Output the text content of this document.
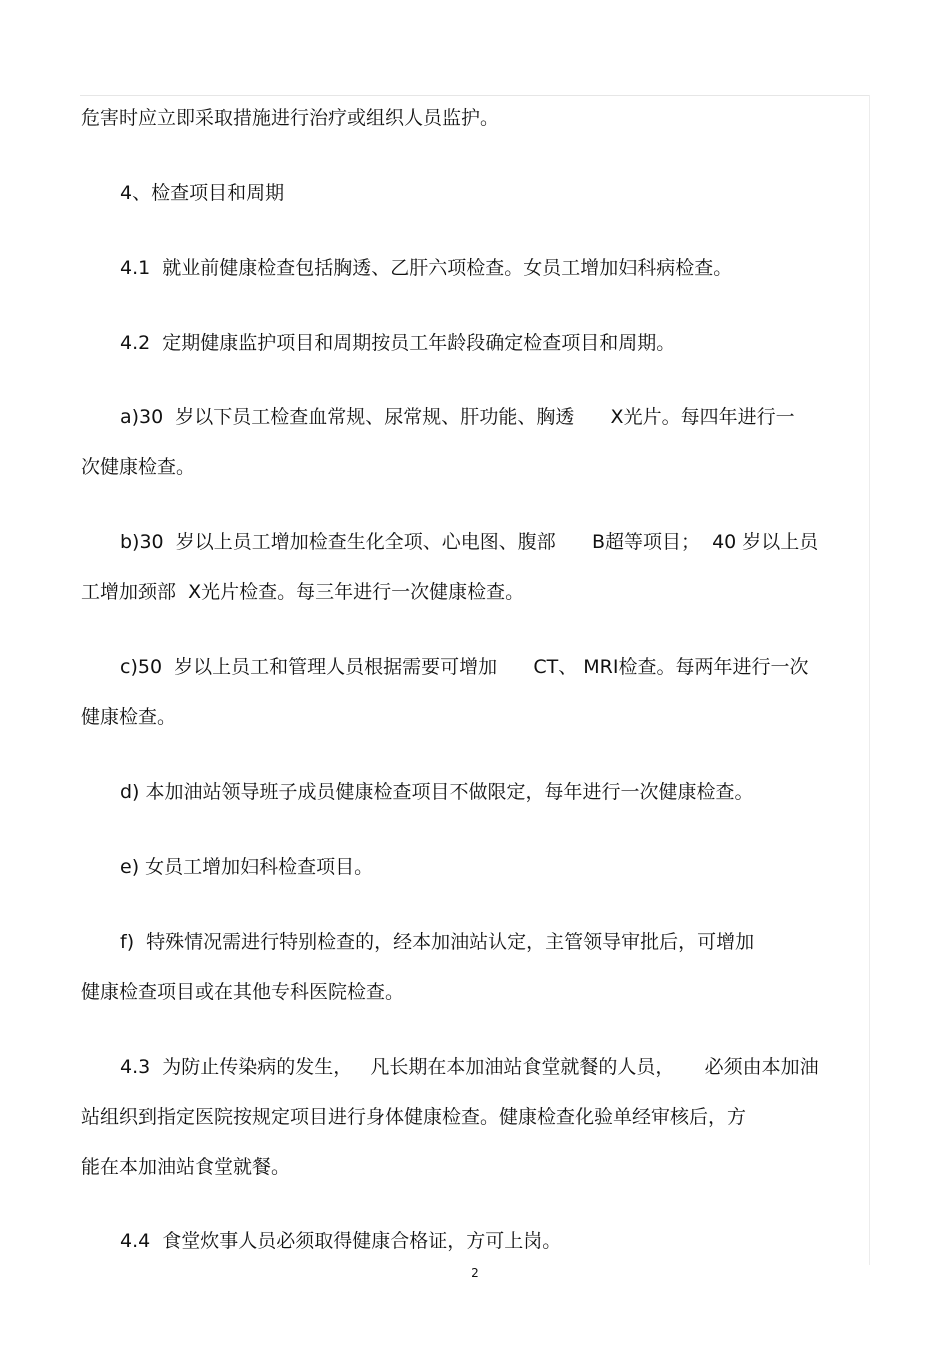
危害时应立即采取措施进行治疗或组织人员监护。

4、检查项目和周期

4.1  就业前健康检查包括胸透、乙肝六项检查。女员工增加妇科病检查。

4.2  定期健康监护项目和周期按员工年龄段确定检查项目和周期。

a)30  岁以下员工检查血常规、尿常规、肝功能、胸透      X光片。每四年进行一

次健康检查。

b)30  岁以上员工增加检查生化全项、心电图、腹部      B超等项目；  40 岁以上员

工增加颈部  X光片检查。每三年进行一次健康检查。

c)50  岁以上员工和管理人员根据需要可增加      CT、 MRI检查。每两年进行一次

健康检查。

d) 本加油站领导班子成员健康检查项目不做限定，每年进行一次健康检查。

e) 女员工增加妇科检查项目。

f)  特殊情况需进行特别检查的，经本加油站认定，主管领导审批后，可增加

健康检查项目或在其他专科医院检查。

4.3  为防止传染病的发生，   凡长期在本加油站食堂就餐的人员，     必须由本加油

站组织到指定医院按规定项目进行身体健康检查。健康检查化验单经审核后，方

能在本加油站食堂就餐。

4.4  食堂炊事人员必须取得健康合格证，方可上岗。

2
